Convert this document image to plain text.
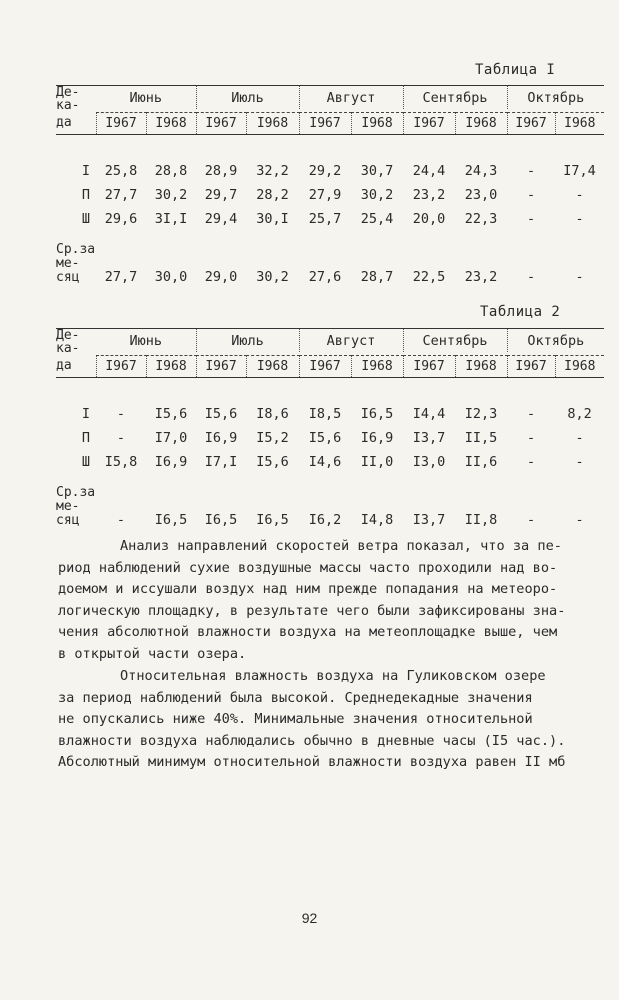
Таблица I
Де-
ка-	Июнь		Июль		Август		Сентябрь		Октябрь	

да	I967	I968	I967	I968	I967	I968	I967	I968	I967	I968

I	25,8	28,8	28,9	32,2	29,2	30,7	24,4	24,3	-	I7,4
П	27,7	30,2	29,7	28,2	27,9	30,2	23,2	23,0	-	-
Ш	29,6	3I,I	29,4	30,I	25,7	25,4	20,0	22,3	-	-

Ср.за
ме-
сяц	27,7	30,0	29,0	30,2	27,6	28,7	22,5	23,2	-	-
Таблица 2
Де-
ка-	Июнь		Июль		Август		Сентябрь		Октябрь	

да	I967	I968	I967	I968	I967	I968	I967	I968	I967	I968

I	-	I5,6	I5,6	I8,6	I8,5	I6,5	I4,4	I2,3	-	8,2
П	-	I7,0	I6,9	I5,2	I5,6	I6,9	I3,7	II,5	-	-
Ш	I5,8	I6,9	I7,I	I5,6	I4,6	II,0	I3,0	II,6	-	-

Ср.за
ме-
сяц	-	I6,5	I6,5	I6,5	I6,2	I4,8	I3,7	II,8	-	-
Анализ направлений скоростей ветра показал, что за пе-
риод наблюдений сухие воздушные массы часто проходили над во-
доемом и иссушали воздух над ним прежде попадания на метеоро-
логическую площадку, в результате чего были зафиксированы зна-
чения абсолютной влажности воздуха на метеоплощадке выше, чем
в открытой части озера.
Относительная влажность воздуха на Гуликовском озере
за период наблюдений была высокой. Среднедекадные значения
не опускались ниже 40%. Минимальные значения относительной
влажности воздуха наблюдались обычно в дневные часы (I5 час.).
Абсолютный минимум относительной влажности воздуха равен II мб
92
